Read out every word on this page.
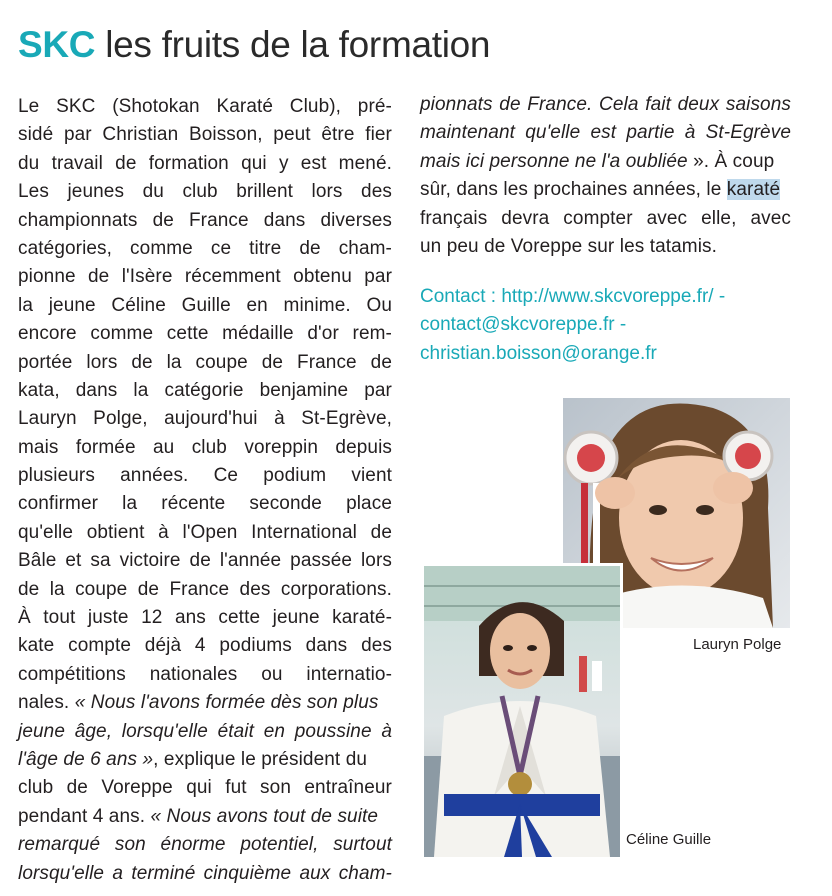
SKC les fruits de la formation
Le SKC (Shotokan Karaté Club), pré-
sidé par Christian Boisson, peut être fier
du travail de formation qui y est mené.
Les jeunes du club brillent lors des
championnats de France dans diverses
catégories, comme ce titre de cham-
pionne de l'Isère récemment obtenu par
la jeune Céline Guille en minime. Ou
encore comme cette médaille d'or rem-
portée lors de la coupe de France de
kata, dans la catégorie benjamine par
Lauryn Polge, aujourd'hui à St-Egrève,
mais formée au club voreppin depuis
plusieurs années. Ce podium vient
confirmer la récente seconde place
qu'elle obtient à l'Open International de
Bâle et sa victoire de l'année passée lors
de la coupe de France des corporations.
À tout juste 12 ans cette jeune karaté-
kate compte déjà 4 podiums dans des
compétitions nationales ou internatio-
nales. « Nous l'avons formée dès son plus
jeune âge, lorsqu'elle était en poussine à
l'âge de 6 ans », explique le président du
club de Voreppe qui fut son entraîneur
pendant 4 ans. « Nous avons tout de suite
remarqué son énorme potentiel, surtout
lorsqu'elle a terminé cinquième aux cham-
pionnats de France. Cela fait deux saisons
maintenant qu'elle est partie à St-Egrève
mais ici personne ne l'a oubliée ». À coup
sûr, dans les prochaines années, le karaté
français devra compter avec elle, avec
un peu de Voreppe sur les tatamis.
Contact : http://www.skcvoreppe.fr/ -
contact@skcvoreppe.fr -
christian.boisson@orange.fr
Lauryn Polge
Céline Guille
